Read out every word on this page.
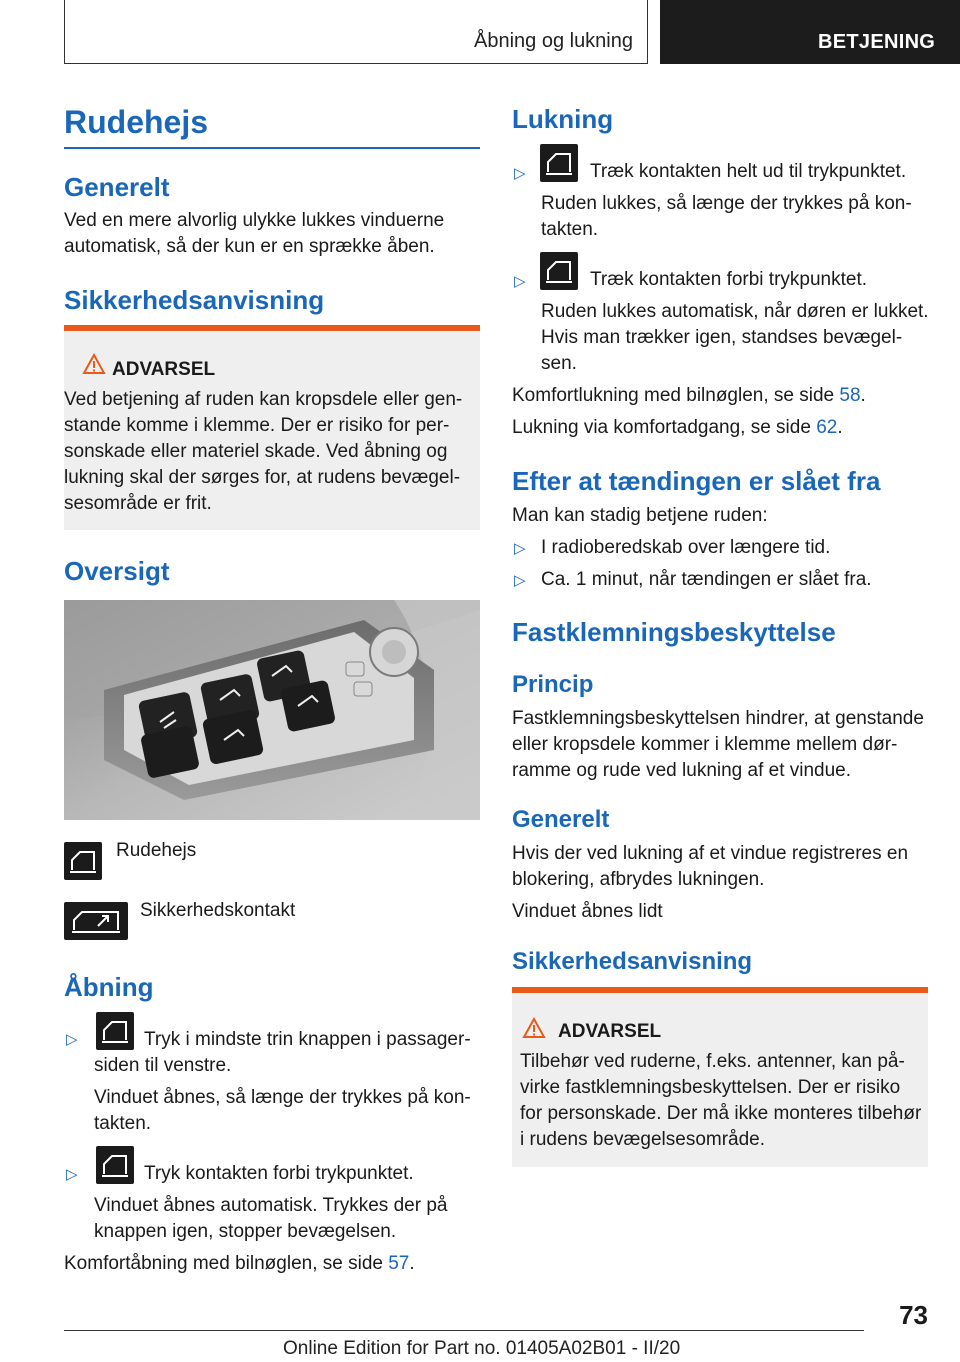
Åbning og lukning	BETJENING
Rudehejs
Generelt
Ved en mere alvorlig ulykke lukkes vinduerne
automatisk, så der kun er en sprække åben.
Sikkerhedsanvisning
ADVARSEL
Ved betjening af ruden kan kropsdele eller gen-
stande komme i klemme. Der er risiko for per-
sonskade eller materiel skade. Ved åbning og
lukning skal der sørges for, at rudens bevægel-
sesområde er frit.
Oversigt
Rudehejs
Sikkerhedskontakt
Åbning
▷	Tryk i mindste trin knappen i passager-
siden til venstre.
Vinduet åbnes, så længe der trykkes på kon-
takten.
▷	Tryk kontakten forbi trykpunktet.
Vinduet åbnes automatisk. Trykkes der på
knappen igen, stopper bevægelsen.
Komfortåbning med bilnøglen, se side 57.
Lukning
▷	Træk kontakten helt ud til trykpunktet.
Ruden lukkes, så længe der trykkes på kon-
takten.
▷	Træk kontakten forbi trykpunktet.
Ruden lukkes automatisk, når døren er lukket.
Hvis man trækker igen, standses bevægel-
sen.
Komfortlukning med bilnøglen, se side 58.
Lukning via komfortadgang, se side 62.
Efter at tændingen er slået fra
Man kan stadig betjene ruden:
▷ I radioberedskab over længere tid.
▷ Ca. 1 minut, når tændingen er slået fra.
Fastklemningsbeskyttelse
Princip
Fastklemningsbeskyttelsen hindrer, at genstande
eller kropsdele kommer i klemme mellem dør-
ramme og rude ved lukning af et vindue.
Generelt
Hvis der ved lukning af et vindue registreres en
blokering, afbrydes lukningen.
Vinduet åbnes lidt
Sikkerhedsanvisning
ADVARSEL
Tilbehør ved ruderne, f.eks. antenner, kan på-
virke fastklemningsbeskyttelsen. Der er risiko
for personskade. Der må ikke monteres tilbehør
i rudens bevægelsesområde.
73
Online Edition for Part no. 01405A02B01 - II/20
